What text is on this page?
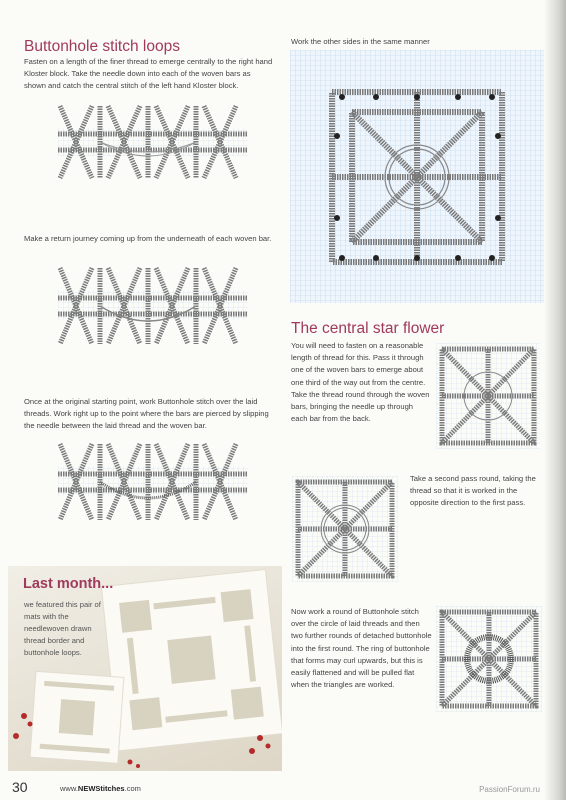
Buttonhole stitch loops

Fasten on a length of the finer thread to emerge centrally to the right hand Kloster block. Take the needle down into each of the woven bars as shown and catch the central stitch of the left hand Kloster block.

Make a return journey coming up from the underneath of each woven bar.

Once at the original starting point, work Buttonhole stitch over the laid threads. Work right up to the point where the bars are pierced by slipping the needle between the laid thread and the woven bar.

Last month...

we featured this pair of mats with the needlewoven drawn thread border and buttonhole loops.

Work the other sides in the same manner

The central star flower

You will need to fasten on a reasonable length of thread for this. Pass it through one of the woven bars to emerge about one third of the way out from the centre. Take the thread round through the woven bars, bringing the needle up through each bar from the back.

Take a second pass round, taking the thread so that it is worked in the opposite direction to the first pass.

Now work a round of Buttonhole stitch over the circle of laid threads and then two further rounds of detached buttonhole into the first round. The ring of buttonhole that forms may curl upwards, but this is easily flattened and will be pulled flat when the triangles are worked.

30	www.NEWStitches.com	PassionForum.ru
